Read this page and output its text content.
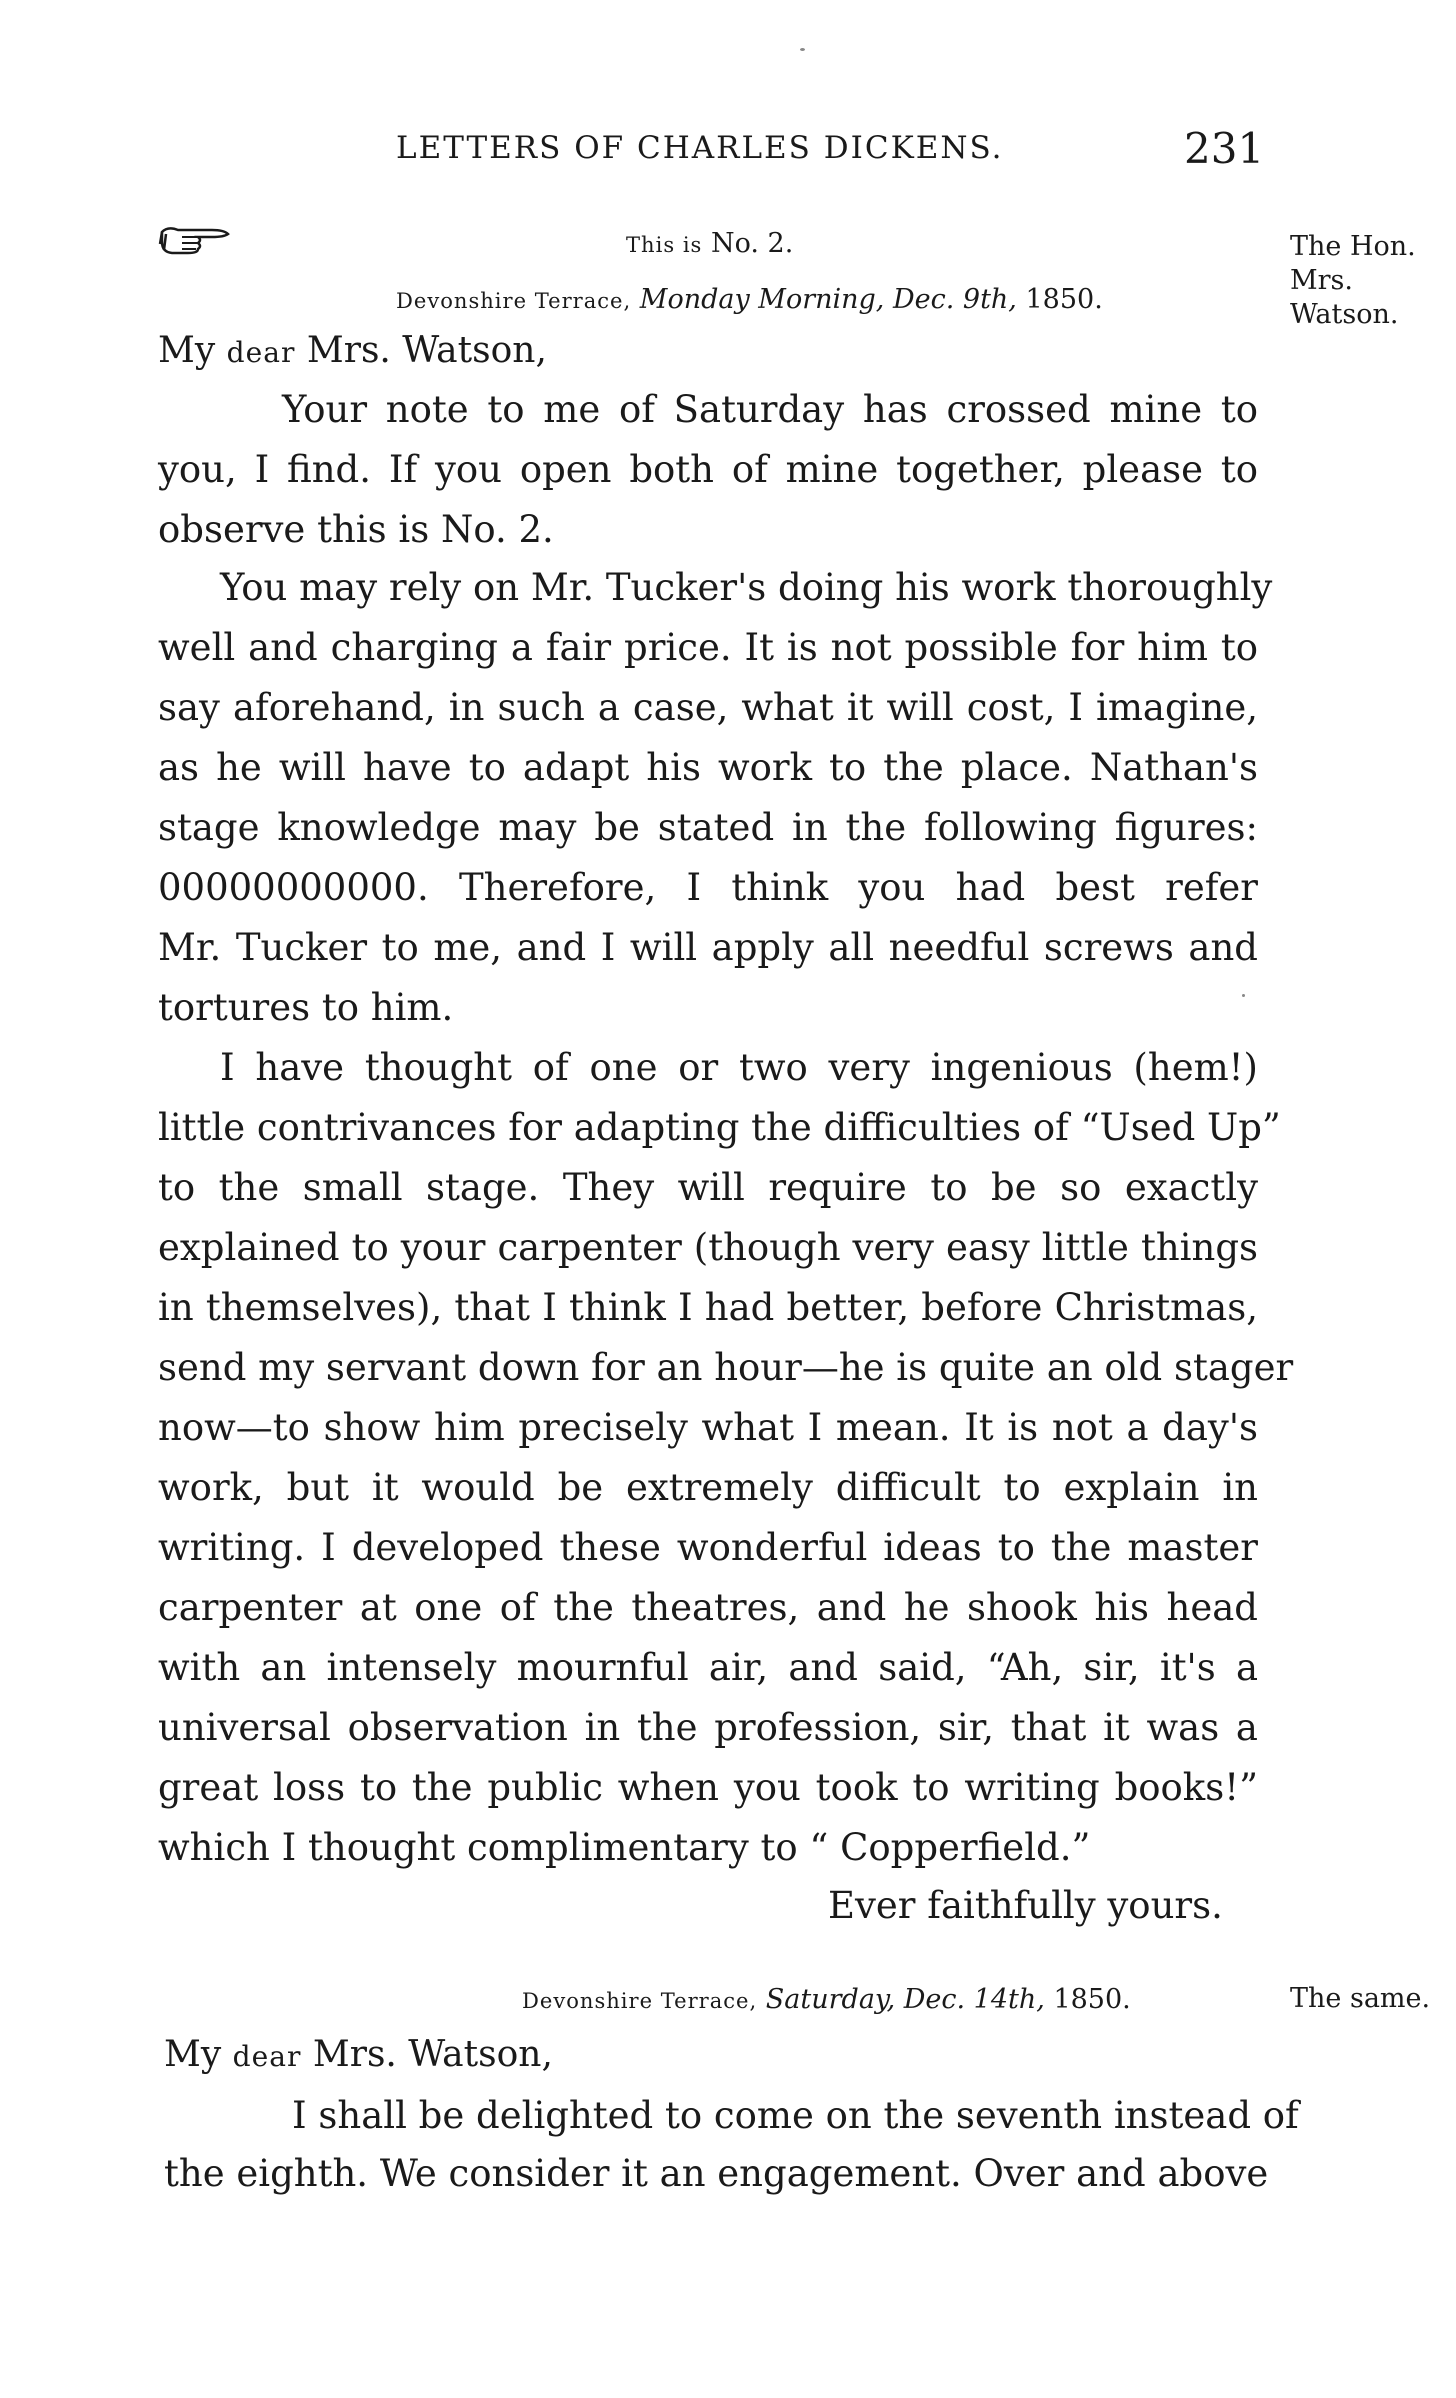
LETTERS OF CHARLES DICKENS.	231
This is No. 2.	The Hon. Mrs. Watson.
Devonshire Terrace, Monday Morning, Dec. 9th, 1850.
My dear Mrs. Watson,
Your note to me of Saturday has crossed mine to
you, I find. If you open both of mine together, please to
observe this is No. 2.
You may rely on Mr. Tucker's doing his work thoroughly
well and charging a fair price. It is not possible for him to
say aforehand, in such a case, what it will cost, I imagine,
as he will have to adapt his work to the place. Nathan's
stage knowledge may be stated in the following figures:
00000000000. Therefore, I think you had best refer
Mr. Tucker to me, and I will apply all needful screws and
tortures to him.
I have thought of one or two very ingenious (hem!)
little contrivances for adapting the difficulties of “Used Up”
to the small stage. They will require to be so exactly
explained to your carpenter (though very easy little things
in themselves), that I think I had better, before Christmas,
send my servant down for an hour—he is quite an old stager
now—to show him precisely what I mean. It is not a day's
work, but it would be extremely difficult to explain in
writing. I developed these wonderful ideas to the master
carpenter at one of the theatres, and he shook his head
with an intensely mournful air, and said, “Ah, sir, it's a
universal observation in the profession, sir, that it was a
great loss to the public when you took to writing books!”
which I thought complimentary to “ Copperfield.”
Ever faithfully yours.
Devonshire Terrace, Saturday, Dec. 14th, 1850.	The same.
My dear Mrs. Watson,
I shall be delighted to come on the seventh instead of
the eighth. We consider it an engagement. Over and above
